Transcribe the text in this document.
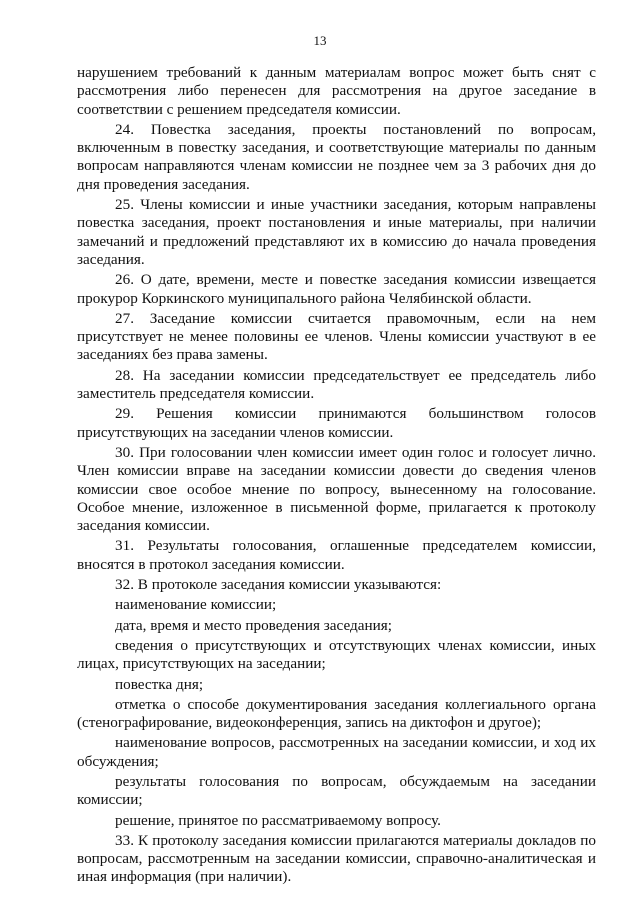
13

нарушением требований к данным материалам вопрос может быть снят с рассмотрения либо перенесен для рассмотрения на другое заседание в соответствии с решением председателя комиссии.

24. Повестка заседания, проекты постановлений по вопросам, включенным в повестку заседания, и соответствующие материалы по данным вопросам направляются членам комиссии не позднее чем за 3 рабочих дня до дня проведения заседания.

25. Члены комиссии и иные участники заседания, которым направлены повестка заседания, проект постановления и иные материалы, при наличии замечаний и предложений представляют их в комиссию до начала проведения заседания.

26. О дате, времени, месте и повестке заседания комиссии извещается прокурор Коркинского муниципального района Челябинской области.

27. Заседание комиссии считается правомочным, если на нем присутствует не менее половины ее членов. Члены комиссии участвуют в ее заседаниях без права замены.

28. На заседании комиссии председательствует ее председатель либо заместитель председателя комиссии.

29. Решения комиссии принимаются большинством голосов присутствующих на заседании членов комиссии.

30. При голосовании член комиссии имеет один голос и голосует лично. Член комиссии вправе на заседании комиссии довести до сведения членов комиссии свое особое мнение по вопросу, вынесенному на голосование. Особое мнение, изложенное в письменной форме, прилагается к протоколу заседания комиссии.

31. Результаты голосования, оглашенные председателем комиссии, вносятся в протокол заседания комиссии.

32. В протоколе заседания комиссии указываются:

наименование комиссии;

дата, время и место проведения заседания;

сведения о присутствующих и отсутствующих членах комиссии, иных лицах, присутствующих на заседании;

повестка дня;

отметка о способе документирования заседания коллегиального органа (стенографирование, видеоконференция, запись на диктофон и другое);

наименование вопросов, рассмотренных на заседании комиссии, и ход их обсуждения;

результаты голосования по вопросам, обсуждаемым на заседании комиссии;

решение, принятое по рассматриваемому вопросу.

33. К протоколу заседания комиссии прилагаются материалы докладов по вопросам, рассмотренным на заседании комиссии, справочно-аналитическая и иная информация (при наличии).
